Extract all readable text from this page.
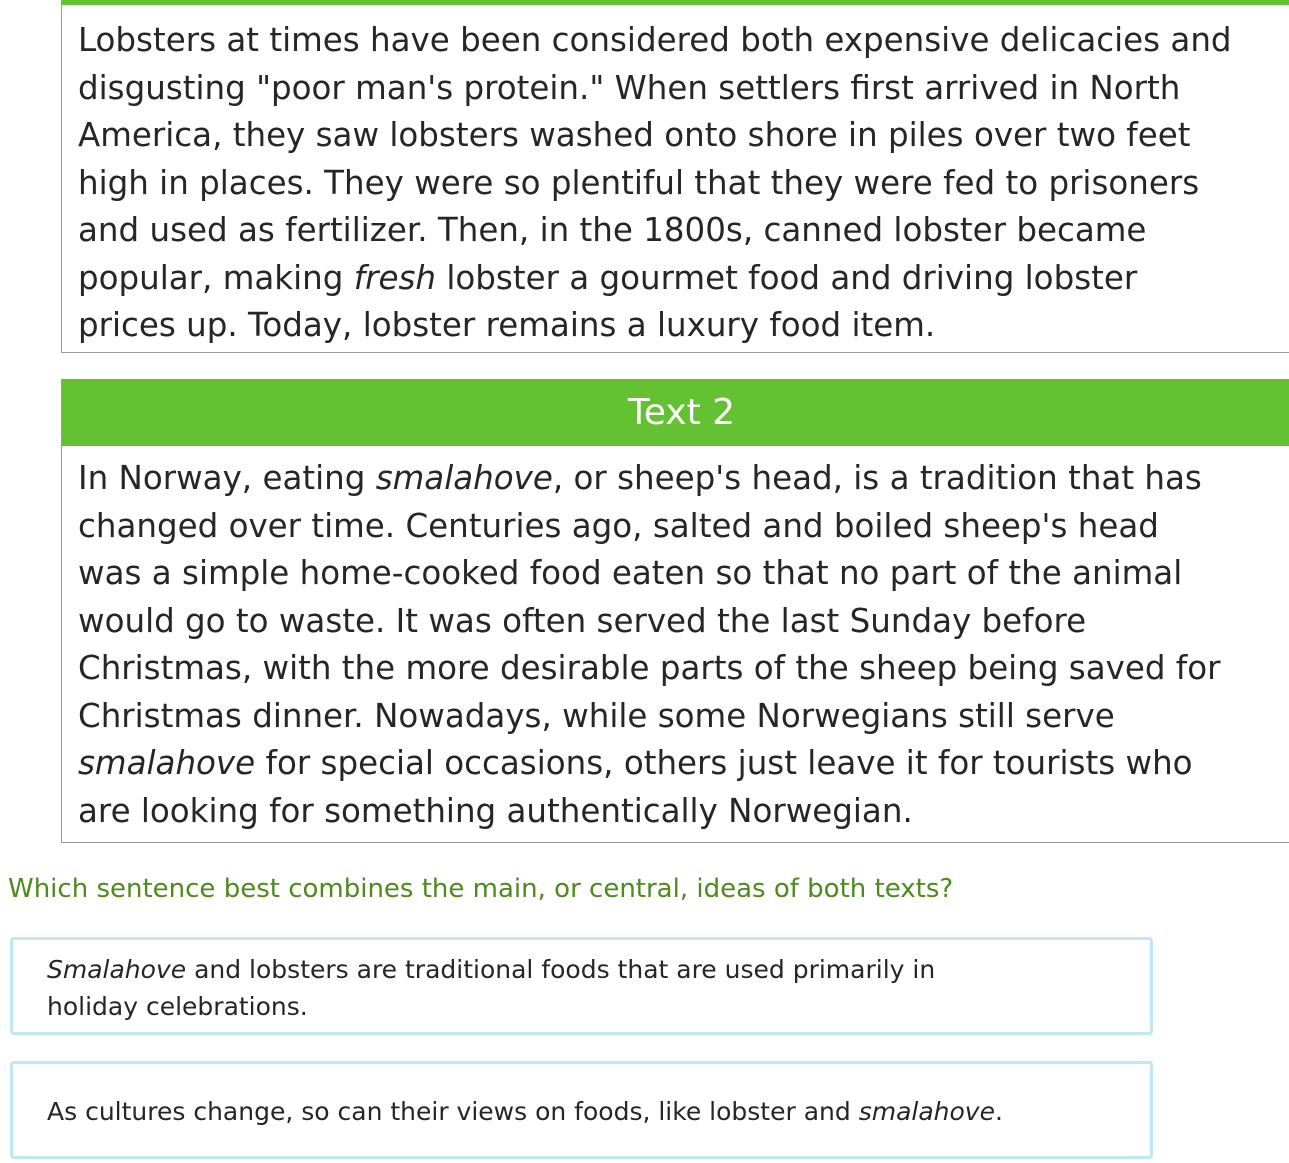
Lobsters at times have been considered both expensive delicacies and
disgusting "poor man's protein." When settlers first arrived in North
America, they saw lobsters washed onto shore in piles over two feet
high in places. They were so plentiful that they were fed to prisoners
and used as fertilizer. Then, in the 1800s, canned lobster became
popular, making fresh lobster a gourmet food and driving lobster
prices up. Today, lobster remains a luxury food item.
Text 2
In Norway, eating smalahove, or sheep's head, is a tradition that has
changed over time. Centuries ago, salted and boiled sheep's head
was a simple home-cooked food eaten so that no part of the animal
would go to waste. It was often served the last Sunday before
Christmas, with the more desirable parts of the sheep being saved for
Christmas dinner. Nowadays, while some Norwegians still serve
smalahove for special occasions, others just leave it for tourists who
are looking for something authentically Norwegian.
Which sentence best combines the main, or central, ideas of both texts?
Smalahove and lobsters are traditional foods that are used primarily in
holiday celebrations.
As cultures change, so can their views on foods, like lobster and smalahove.
